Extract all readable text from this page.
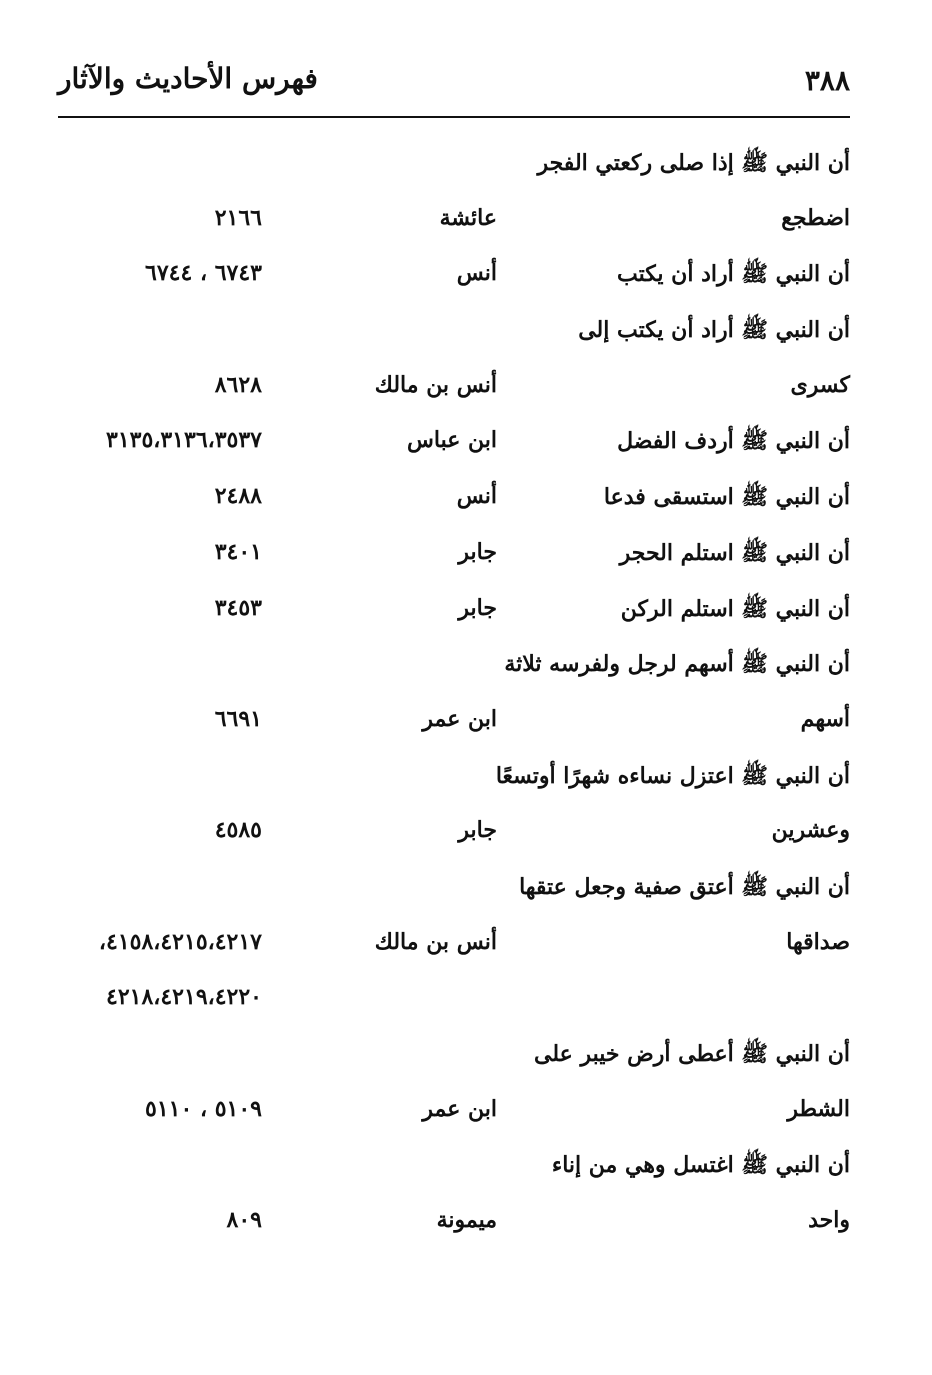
٣٨٨
فهرس الأحاديث والآثار
أن النبي ﷺ إذا صلى ركعتي الفجر
اضطجع
عائشة
٢١٦٦
أن النبي ﷺ أراد أن يكتب
أنس
٦٧٤٣ ، ٦٧٤٤
أن النبي ﷺ أراد أن يكتب إلى
كسرى
أنس بن مالك
٨٦٢٨
أن النبي ﷺ أردف الفضل
ابن عباس
٣١٣٥،٣١٣٦،٣٥٣٧
أن النبي ﷺ استسقى فدعا
أنس
٢٤٨٨
أن النبي ﷺ استلم الحجر
جابر
٣٤٠١
أن النبي ﷺ استلم الركن
جابر
٣٤٥٣
أن النبي ﷺ أسهم لرجل ولفرسه ثلاثة
أسهم
ابن عمر
٦٦٩١
أن النبي ﷺ اعتزل نساءه شهرًا أوتسعًا
وعشرين
جابر
٤٥٨٥
أن النبي ﷺ أعتق صفية وجعل عتقها
صداقها
أنس بن مالك
٤١٥٨،٤٢١٥،٤٢١٧،
٤٢١٨،٤٢١٩،٤٢٢٠
أن النبي ﷺ أعطى أرض خيبر على
الشطر
ابن عمر
٥١٠٩ ، ٥١١٠
أن النبي ﷺ اغتسل وهي من إناء
واحد
ميمونة
٨٠٩
